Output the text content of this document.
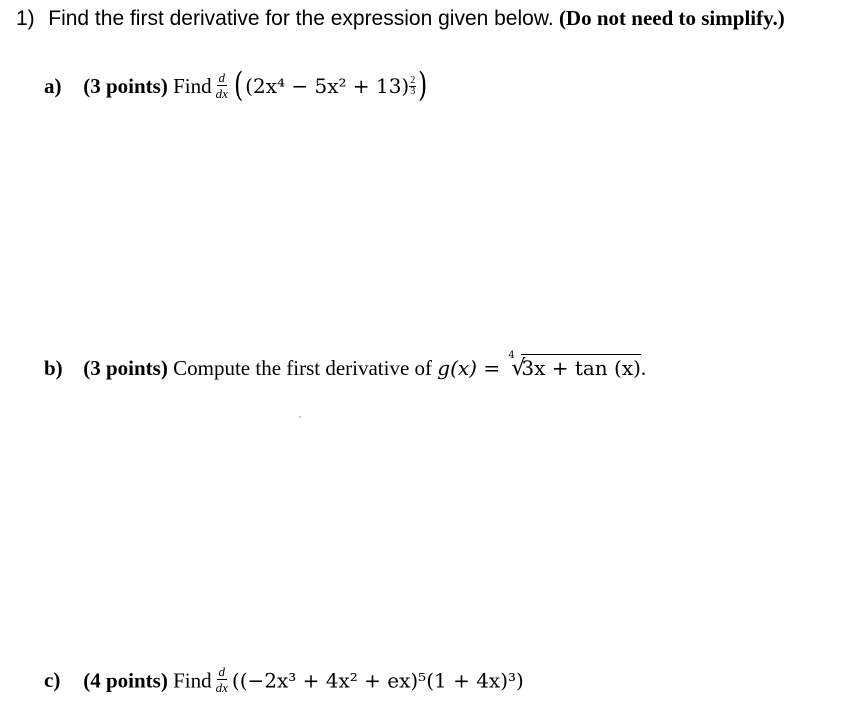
1) Find the first derivative for the expression given below. (Do not need to simplify.)
a) (3 points) Find $\frac{d}{dx} ((2x^4 - 5x^2 + 13) \frac{2}{3}$ )
b) (3 points) Compute the first derivative of g(x) =
4
√
3x + tan (x).
c) (4 points) Find $\frac{d}{dx} ((-2x^3 + 4x^2 + ex)^5(1 + 4x)^3)$
